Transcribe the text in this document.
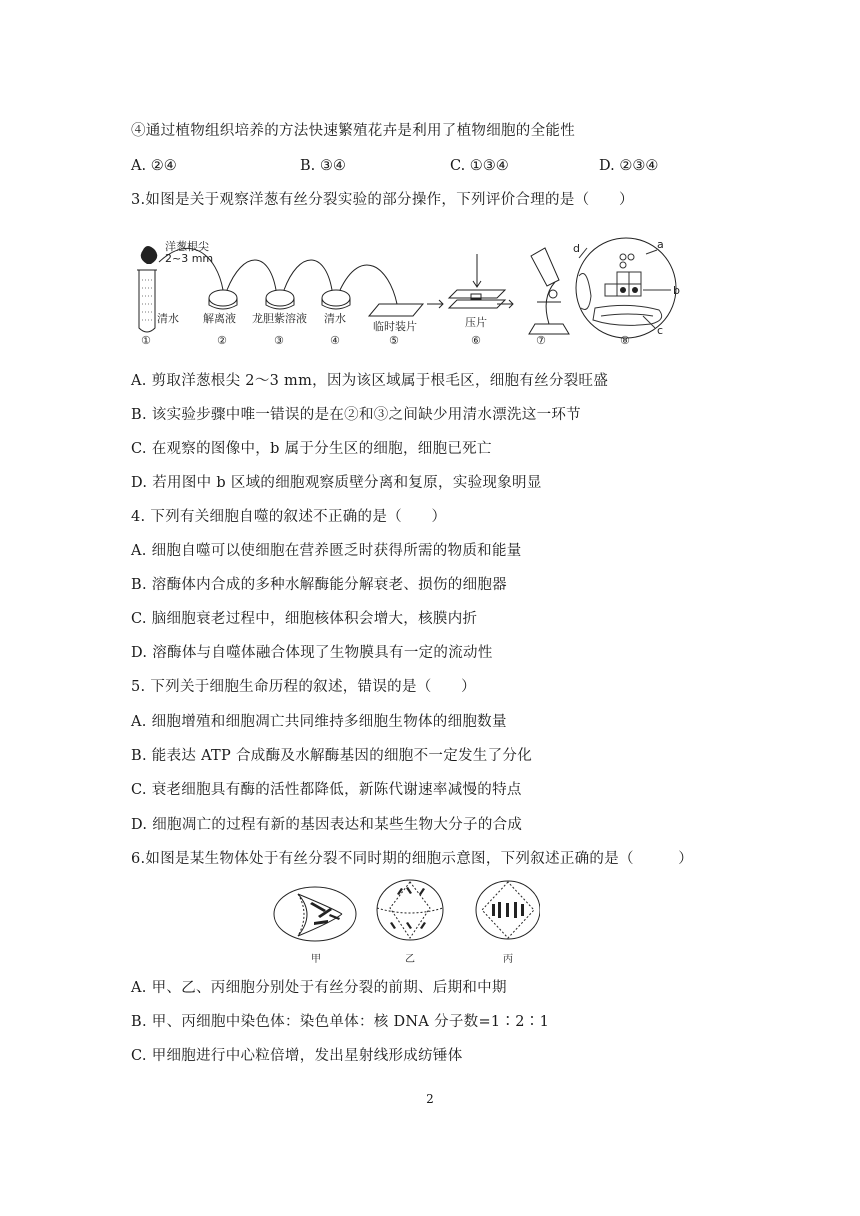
④通过植物组织培养的方法快速繁殖花卉是利用了植物细胞的全能性
A. ②④	B. ③④	C. ①③④	D. ②③④
3.如图是关于观察洋葱有丝分裂实验的部分操作，下列评价合理的是（　　）
洋葱根尖
2~3 mm
清水 解离液 龙胆紫溶液 清水
临时装片	压片
a
b
c
d
①	②	③	④	⑤	⑥	⑦	⑧
A. 剪取洋葱根尖 2～3 mm，因为该区域属于根毛区，细胞有丝分裂旺盛
B. 该实验步骤中唯一错误的是在②和③之间缺少用清水漂洗这一环节
C. 在观察的图像中，b 属于分生区的细胞，细胞已死亡
D. 若用图中 b 区域的细胞观察质壁分离和复原，实验现象明显
4. 下列有关细胞自噬的叙述不正确的是（　　）
A. 细胞自噬可以使细胞在营养匮乏时获得所需的物质和能量
B. 溶酶体内合成的多种水解酶能分解衰老、损伤的细胞器
C. 脑细胞衰老过程中，细胞核体积会增大，核膜内折
D. 溶酶体与自噬体融合体现了生物膜具有一定的流动性
5. 下列关于细胞生命历程的叙述，错误的是（　　）
A. 细胞增殖和细胞凋亡共同维持多细胞生物体的细胞数量
B. 能表达 ATP 合成酶及水解酶基因的细胞不一定发生了分化
C. 衰老细胞具有酶的活性都降低，新陈代谢速率减慢的特点
D. 细胞凋亡的过程有新的基因表达和某些生物大分子的合成
6.如图是某生物体处于有丝分裂不同时期的细胞示意图，下列叙述正确的是（　　　）
甲	乙	丙
A. 甲、乙、丙细胞分别处于有丝分裂的前期、后期和中期
B. 甲、丙细胞中染色体：染色单体：核 DNA 分子数=1∶2∶1
C. 甲细胞进行中心粒倍增，发出星射线形成纺锤体
2
